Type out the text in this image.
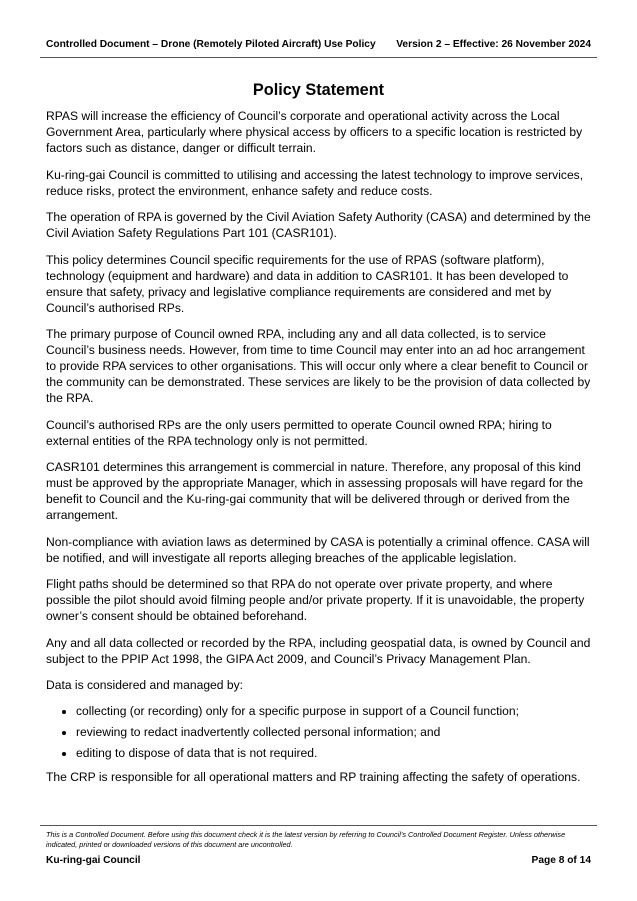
Controlled Document – Drone (Remotely Piloted Aircraft) Use Policy Version 2 – Effective: 26 November 2024
Policy Statement

RPAS will increase the efficiency of Council’s corporate and operational activity across the Local Government Area, particularly where physical access by officers to a specific location is restricted by factors such as distance, danger or difficult terrain.

Ku-ring-gai Council is committed to utilising and accessing the latest technology to improve services, reduce risks, protect the environment, enhance safety and reduce costs.

The operation of RPA is governed by the Civil Aviation Safety Authority (CASA) and determined by the Civil Aviation Safety Regulations Part 101 (CASR101).

This policy determines Council specific requirements for the use of RPAS (software platform), technology (equipment and hardware) and data in addition to CASR101. It has been developed to ensure that safety, privacy and legislative compliance requirements are considered and met by Council’s authorised RPs.

The primary purpose of Council owned RPA, including any and all data collected, is to service Council’s business needs. However, from time to time Council may enter into an ad hoc arrangement to provide RPA services to other organisations. This will occur only where a clear benefit to Council or the community can be demonstrated. These services are likely to be the provision of data collected by the RPA.

Council’s authorised RPs are the only users permitted to operate Council owned RPA; hiring to external entities of the RPA technology only is not permitted.

CASR101 determines this arrangement is commercial in nature. Therefore, any proposal of this kind must be approved by the appropriate Manager, which in assessing proposals will have regard for the benefit to Council and the Ku-ring-gai community that will be delivered through or derived from the arrangement.

Non-compliance with aviation laws as determined by CASA is potentially a criminal offence. CASA will be notified, and will investigate all reports alleging breaches of the applicable legislation.

Flight paths should be determined so that RPA do not operate over private property, and where possible the pilot should avoid filming people and/or private property. If it is unavoidable, the property owner’s consent should be obtained beforehand.

Any and all data collected or recorded by the RPA, including geospatial data, is owned by Council and subject to the PPIP Act 1998, the GIPA Act 2009, and Council’s Privacy Management Plan.

Data is considered and managed by:

• collecting (or recording) only for a specific purpose in support of a Council function;
• reviewing to redact inadvertently collected personal information; and
• editing to dispose of data that is not required.

The CRP is responsible for all operational matters and RP training affecting the safety of operations.

This is a Controlled Document. Before using this document check it is the latest version by referring to Council’s Controlled Document Register. Unless otherwise indicated, printed or downloaded versions of this document are uncontrolled.
Ku-ring-gai Council	Page 8 of 14
